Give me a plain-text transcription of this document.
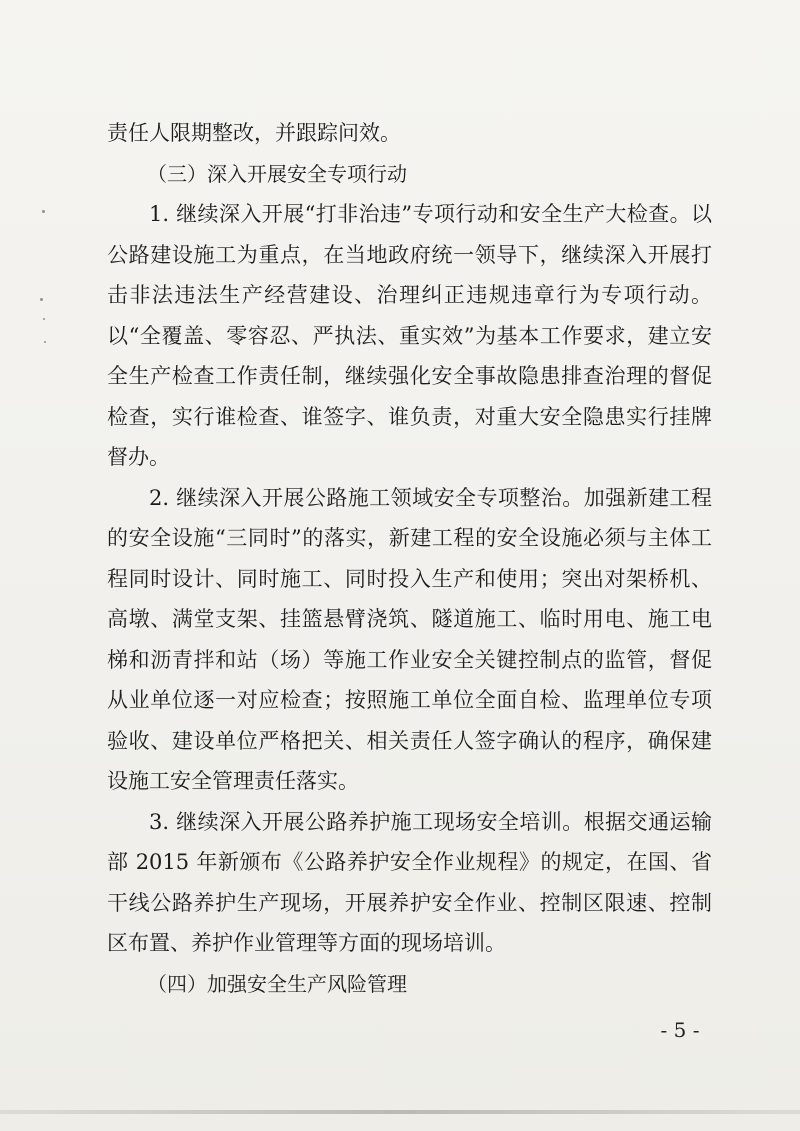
责任人限期整改，并跟踪问效。

（三）深入开展安全专项行动

1. 继续深入开展“打非治违”专项行动和安全生产大检查。以公路建设施工为重点，在当地政府统一领导下，继续深入开展打击非法违法生产经营建设、治理纠正违规违章行为专项行动。以“全覆盖、零容忍、严执法、重实效”为基本工作要求，建立安全生产检查工作责任制，继续强化安全事故隐患排查治理的督促检查，实行谁检查、谁签字、谁负责，对重大安全隐患实行挂牌督办。

2. 继续深入开展公路施工领域安全专项整治。加强新建工程的安全设施“三同时”的落实，新建工程的安全设施必须与主体工程同时设计、同时施工、同时投入生产和使用；突出对架桥机、高墩、满堂支架、挂篮悬臂浇筑、隧道施工、临时用电、施工电梯和沥青拌和站（场）等施工作业安全关键控制点的监管，督促从业单位逐一对应检查；按照施工单位全面自检、监理单位专项验收、建设单位严格把关、相关责任人签字确认的程序，确保建设施工安全管理责任落实。

3. 继续深入开展公路养护施工现场安全培训。根据交通运输部 2015 年新颁布《公路养护安全作业规程》的规定，在国、省干线公路养护生产现场，开展养护安全作业、控制区限速、控制区布置、养护作业管理等方面的现场培训。

（四）加强安全生产风险管理

- 5 -
